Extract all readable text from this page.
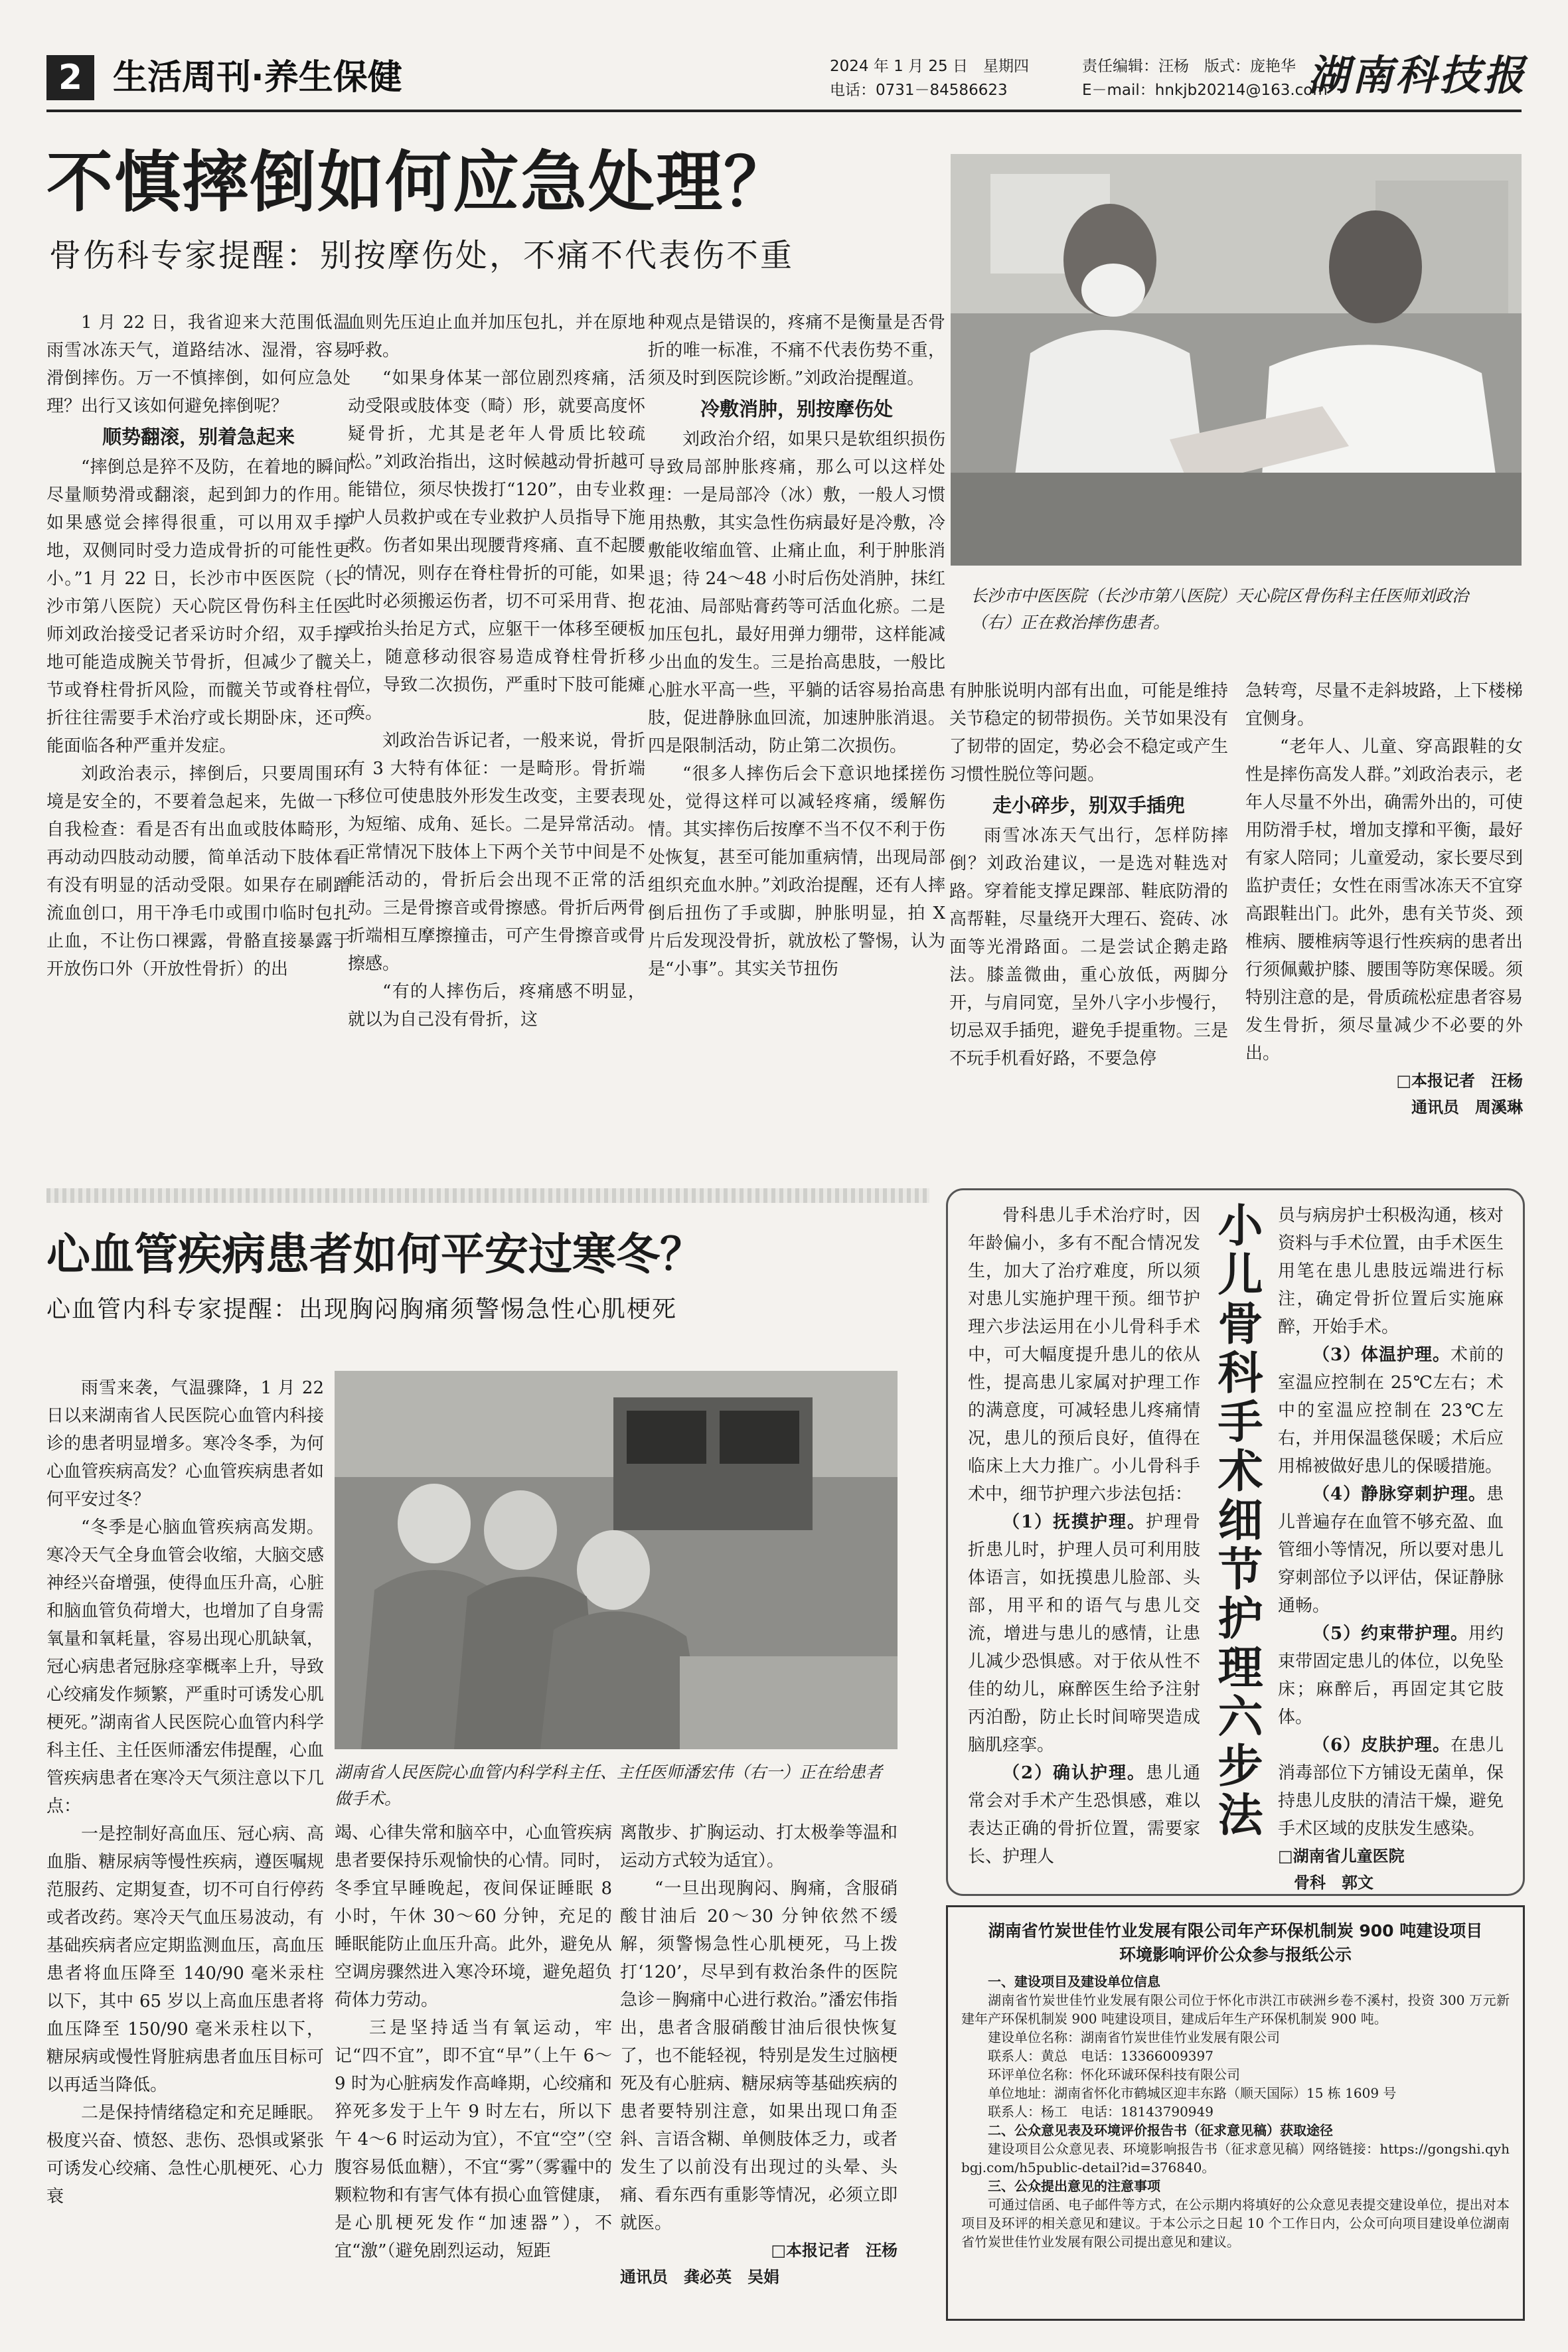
2 生活周刊·养生保健	2024 年 1 月 25 日　星期四
电话：0731－84586623
责任编辑：汪杨　版式：庞艳华
E－mail：hnkjb20214@163.com
湖南科技报
不慎摔倒如何应急处理？
骨伤科专家提醒：别按摩伤处，不痛不代表伤不重
长沙市中医医院（长沙市第八医院）天心院区骨伤科主任医师刘政治（右）正在救治摔伤患者。

1 月 22 日，我省迎来大范围低温雨雪冰冻天气，道路结冰、湿滑，容易滑倒摔伤。万一不慎摔倒，如何应急处理？出行又该如何避免摔倒呢？

顺势翻滚，别着急起来

“摔倒总是猝不及防，在着地的瞬间尽量顺势滑或翻滚，起到卸力的作用。如果感觉会摔得很重，可以用双手撑地，双侧同时受力造成骨折的可能性更小。”1 月 22 日，长沙市中医医院（长沙市第八医院）天心院区骨伤科主任医师刘政治接受记者采访时介绍，双手撑地可能造成腕关节骨折，但减少了髋关节或脊柱骨折风险，而髋关节或脊柱骨折往往需要手术治疗或长期卧床，还可能面临各种严重并发症。

刘政治表示，摔倒后，只要周围环境是安全的，不要着急起来，先做一下自我检查：看是否有出血或肢体畸形，再动动四肢动动腰，简单活动下肢体看有没有明显的活动受限。如果存在刷蹭流血创口，用干净毛巾或围巾临时包扎止血，不让伤口裸露，骨骼直接暴露于开放伤口外（开放性骨折）的出

血则先压迫止血并加压包扎，并在原地呼救。

“如果身体某一部位剧烈疼痛，活动受限或肢体变（畸）形，就要高度怀疑骨折，尤其是老年人骨质比较疏松。”刘政治指出，这时候越动骨折越可能错位，须尽快拨打“120”，由专业救护人员救护或在专业救护人员指导下施救。伤者如果出现腰背疼痛、直不起腰的情况，则存在脊柱骨折的可能，如果此时必须搬运伤者，切不可采用背、抱或抬头抬足方式，应躯干一体移至硬板上，随意移动很容易造成脊柱骨折移位，导致二次损伤，严重时下肢可能瘫痪。

刘政治告诉记者，一般来说，骨折有 3 大特有体征：一是畸形。骨折端移位可使患肢外形发生改变，主要表现为短缩、成角、延长。二是异常活动。正常情况下肢体上下两个关节中间是不能活动的，骨折后会出现不正常的活动。三是骨擦音或骨擦感。骨折后两骨折端相互摩擦撞击，可产生骨擦音或骨擦感。

“有的人摔伤后，疼痛感不明显，就以为自己没有骨折，这

种观点是错误的，疼痛不是衡量是否骨折的唯一标准，不痛不代表伤势不重，须及时到医院诊断。”刘政治提醒道。

冷敷消肿，别按摩伤处

刘政治介绍，如果只是软组织损伤导致局部肿胀疼痛，那么可以这样处理：一是局部冷（冰）敷，一般人习惯用热敷，其实急性伤病最好是冷敷，冷敷能收缩血管、止痛止血，利于肿胀消退；待 24～48 小时后伤处消肿，抹红花油、局部贴膏药等可活血化瘀。二是加压包扎，最好用弹力绷带，这样能减少出血的发生。三是抬高患肢，一般比心脏水平高一些，平躺的话容易抬高患肢，促进静脉血回流，加速肿胀消退。四是限制活动，防止第二次损伤。

“很多人摔伤后会下意识地揉搓伤处，觉得这样可以减轻疼痛，缓解伤情。其实摔伤后按摩不当不仅不利于伤处恢复，甚至可能加重病情，出现局部组织充血水肿。”刘政治提醒，还有人摔倒后扭伤了手或脚，肿胀明显，拍 X 片后发现没骨折，就放松了警惕，认为是“小事”。其实关节扭伤

有肿胀说明内部有出血，可能是维持关节稳定的韧带损伤。关节如果没有了韧带的固定，势必会不稳定或产生习惯性脱位等问题。

走小碎步，别双手插兜

雨雪冰冻天气出行，怎样防摔倒？刘政治建议，一是选对鞋选对路。穿着能支撑足踝部、鞋底防滑的高帮鞋，尽量绕开大理石、瓷砖、冰面等光滑路面。二是尝试企鹅走路法。膝盖微曲，重心放低，两脚分开，与肩同宽，呈外八字小步慢行，切忌双手插兜，避免手提重物。三是不玩手机看好路，不要急停

急转弯，尽量不走斜坡路，上下楼梯宜侧身。

“老年人、儿童、穿高跟鞋的女性是摔伤高发人群。”刘政治表示，老年人尽量不外出，确需外出的，可使用防滑手杖，增加支撑和平衡，最好有家人陪同；儿童爱动，家长要尽到监护责任；女性在雨雪冰冻天不宜穿高跟鞋出门。此外，患有关节炎、颈椎病、腰椎病等退行性疾病的患者出行须佩戴护膝、腰围等防寒保暖。须特别注意的是，骨质疏松症患者容易发生骨折，须尽量减少不必要的外出。

□本报记者　汪杨
通讯员　周溪琳
心血管疾病患者如何平安过寒冬？
心血管内科专家提醒：出现胸闷胸痛须警惕急性心肌梗死
湖南省人民医院心血管内科学科主任、主任医师潘宏伟（右一）正在给患者做手术。

雨雪来袭，气温骤降，1 月 22 日以来湖南省人民医院心血管内科接诊的患者明显增多。寒冷冬季，为何心血管疾病高发？心血管疾病患者如何平安过冬？

“冬季是心脑血管疾病高发期。寒冷天气全身血管会收缩，大脑交感神经兴奋增强，使得血压升高，心脏和脑血管负荷增大，也增加了自身需氧量和氧耗量，容易出现心肌缺氧，冠心病患者冠脉痉挛概率上升，导致心绞痛发作频繁，严重时可诱发心肌梗死。”湖南省人民医院心血管内科学科主任、主任医师潘宏伟提醒，心血管疾病患者在寒冷天气须注意以下几点：

一是控制好高血压、冠心病、高血脂、糖尿病等慢性疾病，遵医嘱规范服药、定期复查，切不可自行停药或者改药。寒冷天气血压易波动，有基础疾病者应定期监测血压，高血压患者将血压降至 140/90 毫米汞柱以下，其中 65 岁以上高血压患者将血压降至 150/90 毫米汞柱以下，糖尿病或慢性肾脏病患者血压目标可以再适当降低。

二是保持情绪稳定和充足睡眠。极度兴奋、愤怒、悲伤、恐惧或紧张可诱发心绞痛、急性心肌梗死、心力衰

竭、心律失常和脑卒中，心血管疾病患者要保持乐观愉快的心情。同时，冬季宜早睡晚起，夜间保证睡眠 8 小时，午休 30～60 分钟，充足的睡眠能防止血压升高。此外，避免从空调房骤然进入寒冷环境，避免超负荷体力劳动。

三是坚持适当有氧运动，牢记“四不宜”，即不宜“早”（上午 6～9 时为心脏病发作高峰期，心绞痛和猝死多发于上午 9 时左右，所以下午 4～6 时运动为宜），不宜“空”（空腹容易低血糖），不宜“雾”（雾霾中的颗粒物和有害气体有损心血管健康，是心肌梗死发作“加速器”），不宜“激”（避免剧烈运动，短距

离散步、扩胸运动、打太极拳等温和运动方式较为适宜）。

“一旦出现胸闷、胸痛，含服硝酸甘油后 20～30 分钟依然不缓解，须警惕急性心肌梗死，马上拨打‘120’，尽早到有救治条件的医院急诊－胸痛中心进行救治。”潘宏伟指出，患者含服硝酸甘油后很快恢复了，也不能轻视，特别是发生过脑梗死及有心脏病、糖尿病等基础疾病的患者要特别注意，如果出现口角歪斜、言语含糊、单侧肢体乏力，或者发生了以前没有出现过的头晕、头痛、看东西有重影等情况，必须立即就医。

□本报记者　汪杨
通讯员　龚必英　吴娟

骨科患儿手术治疗时，因年龄偏小，多有不配合情况发生，加大了治疗难度，所以须对患儿实施护理干预。细节护理六步法运用在小儿骨科手术中，可大幅度提升患儿的依从性，提高患儿家属对护理工作的满意度，可减轻患儿疼痛情况，患儿的预后良好，值得在临床上大力推广。小儿骨科手术中，细节护理六步法包括：

（1）抚摸护理。护理骨折患儿时，护理人员可利用肢体语言，如抚摸患儿脸部、头部，用平和的语气与患儿交流，增进与患儿的感情，让患儿减少恐惧感。对于依从性不佳的幼儿，麻醉医生给予注射丙泊酚，防止长时间啼哭造成脑肌痉挛。

（2）确认护理。患儿通常会对手术产生恐惧感，难以表达正确的骨折位置，需要家长、护理人

小儿骨科手术细节护理六步法 员与病房护士积极沟通，核对资料与手术位置，由手术医生用笔在患儿患肢远端进行标注，确定骨折位置后实施麻醉，开始手术。

（3）体温护理。术前的室温应控制在 25℃左右；术中的室温应控制在 23℃左右，并用保温毯保暖；术后应用棉被做好患儿的保暖措施。

（4）静脉穿刺护理。患儿普遍存在血管不够充盈、血管细小等情况，所以要对患儿穿刺部位予以评估，保证静脉通畅。

（5）约束带护理。用约束带固定患儿的体位，以免坠床；麻醉后，再固定其它肢体。

（6）皮肤护理。在患儿消毒部位下方铺设无菌单，保持患儿皮肤的清洁干燥，避免手术区域的皮肤发生感染。

□湖南省儿童医院
骨科　郭文
湖南省竹炭世佳竹业发展有限公司年产环保机制炭 900 吨建设项目
环境影响评价公众参与报纸公示
一、建设项目及建设单位信息
湖南省竹炭世佳竹业发展有限公司位于怀化市洪江市硖洲乡卷不溪村，投资 300 万元新建年产环保机制炭 900 吨建设项目，建成后年生产环保机制炭 900 吨。
建设单位名称：湖南省竹炭世佳竹业发展有限公司
联系人：黄总　电话：13366009397
环评单位名称：怀化环诚环保科技有限公司
单位地址：湖南省怀化市鹤城区迎丰东路（顺天国际）15 栋 1609 号
联系人：杨工　电话：18143790949
二、公众意见表及环境评价报告书（征求意见稿）获取途径
建设项目公众意见表、环境影响报告书（征求意见稿）网络链接：https://gongshi.qyhbgj.com/h5public-detail?id=376840。
三、公众提出意见的注意事项
可通过信函、电子邮件等方式，在公示期内将填好的公众意见表提交建设单位，提出对本项目及环评的相关意见和建议。于本公示之日起 10 个工作日内，公众可向项目建设单位湖南省竹炭世佳竹业发展有限公司提出意见和建议。
